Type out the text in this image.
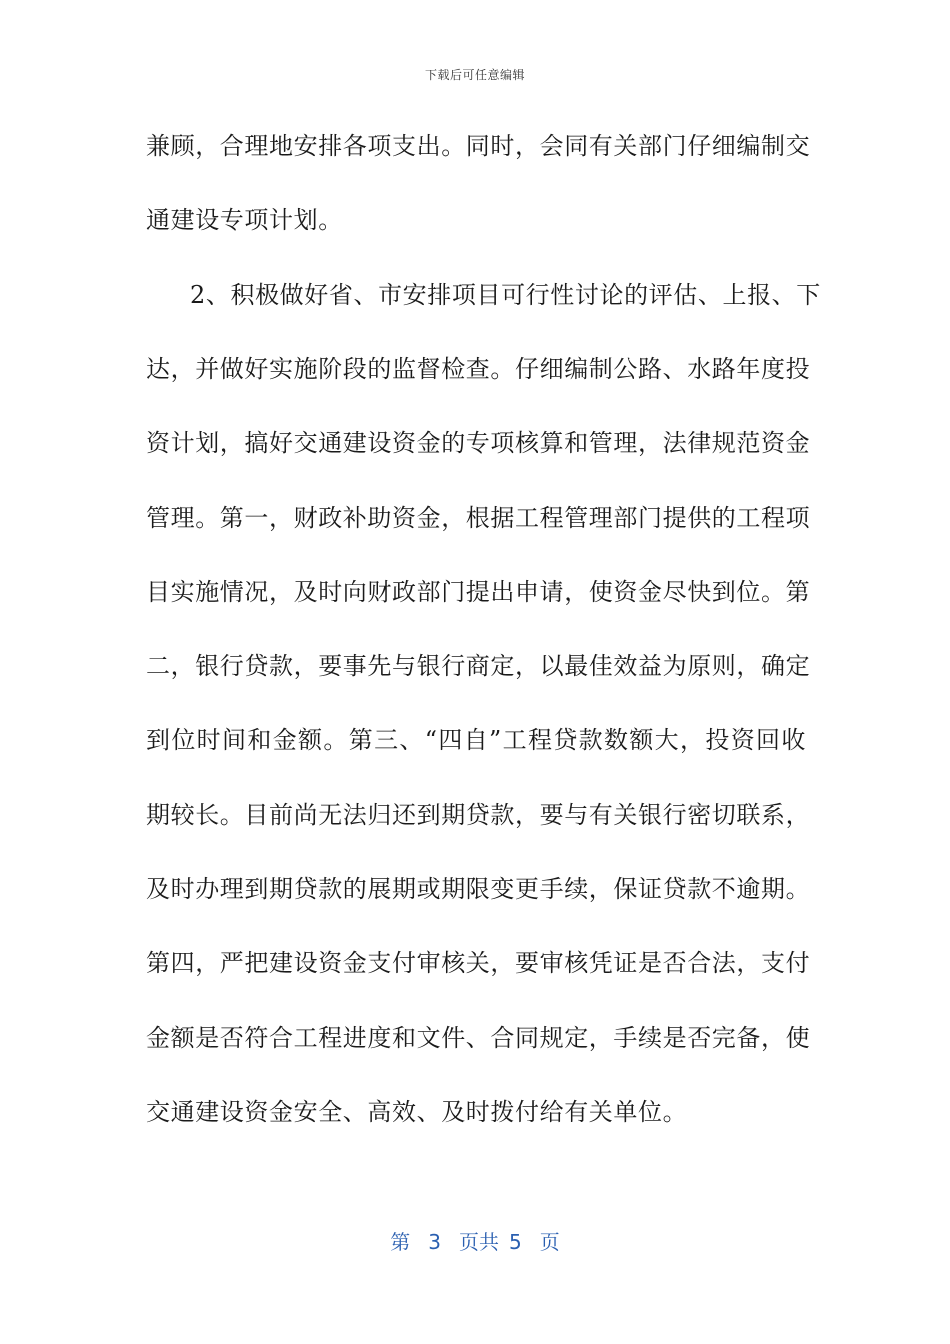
下载后可任意编辑
兼顾，合理地安排各项支出。同时，会同有关部门仔细编制交
通建设专项计划。
2、积极做好省、市安排项目可行性讨论的评估、上报、下
达，并做好实施阶段的监督检查。仔细编制公路、水路年度投
资计划，搞好交通建设资金的专项核算和管理，法律规范资金
管理。第一，财政补助资金，根据工程管理部门提供的工程项
目实施情况，及时向财政部门提出申请，使资金尽快到位。第
二，银行贷款，要事先与银行商定，以最佳效益为原则，确定
到位时间和金额。第三、“四自”工程贷款数额大，投资回收
期较长。目前尚无法归还到期贷款，要与有关银行密切联系，
及时办理到期贷款的展期或期限变更手续，保证贷款不逾期。
第四，严把建设资金支付审核关，要审核凭证是否合法，支付
金额是否符合工程进度和文件、合同规定，手续是否完备，使
交通建设资金安全、高效、及时拨付给有关单位。
第 3 页共 5 页
